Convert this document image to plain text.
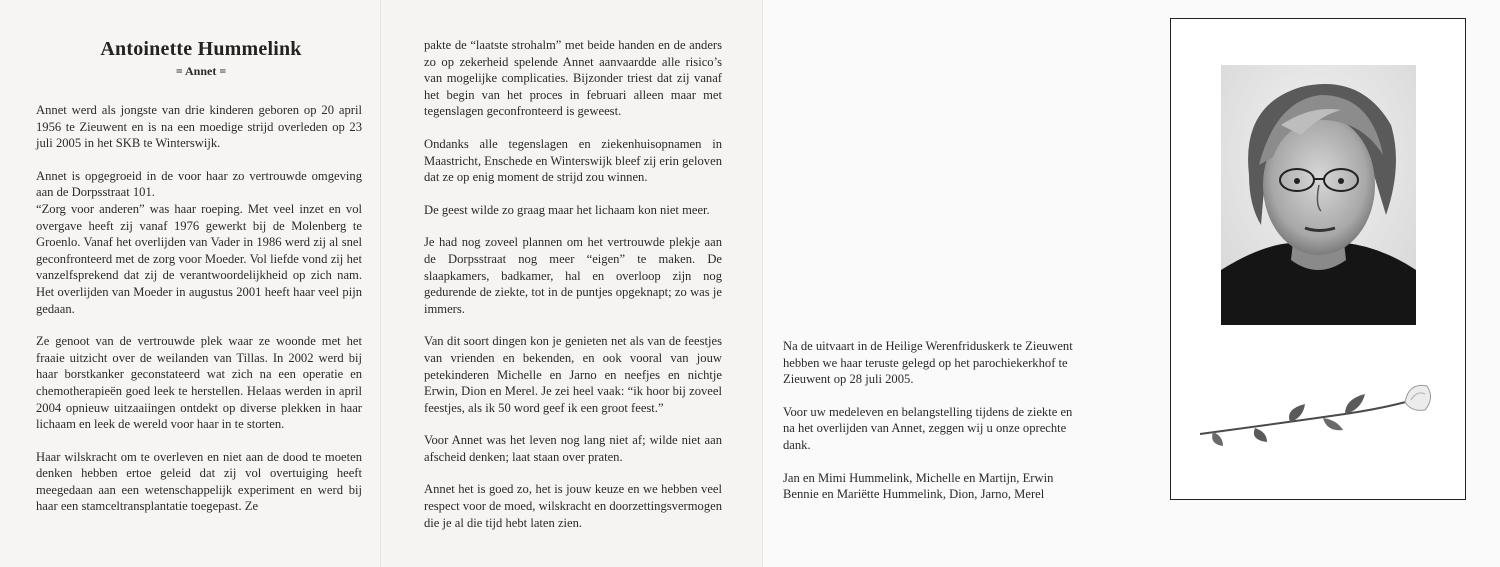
Antoinette Hummelink
= Annet =

Annet werd als jongste van drie kinderen geboren op 20 april 1956 te Zieuwent en is na een moedige strijd overleden op 23 juli 2005 in het SKB te Winterswijk.

Annet is opgegroeid in de voor haar zo vertrouwde omgeving aan de Dorpsstraat 101.

“Zorg voor anderen” was haar roeping. Met veel inzet en vol overgave heeft zij vanaf 1976 gewerkt bij de Molenberg te Groenlo. Vanaf het overlijden van Vader in 1986 werd zij al snel geconfronteerd met de zorg voor Moeder. Vol liefde vond zij het vanzelfsprekend dat zij de verantwoordelijkheid op zich nam. Het overlijden van Moeder in augustus 2001 heeft haar veel pijn gedaan.

Ze genoot van de vertrouwde plek waar ze woonde met het fraaie uitzicht over de weilanden van Tillas. In 2002 werd bij haar borstkanker geconstateerd wat zich na een operatie en chemotherapieën goed leek te herstellen. Helaas werden in april 2004 opnieuw uitzaaiingen ontdekt op diverse plekken in haar lichaam en leek de wereld voor haar in te storten.

Haar wilskracht om te overleven en niet aan de dood te moeten denken hebben ertoe geleid dat zij vol overtuiging heeft meegedaan aan een wetenschappelijk experiment en werd bij haar een stamceltransplantatie toegepast. Ze

pakte de “laatste strohalm” met beide handen en de anders zo op zekerheid spelende Annet aanvaardde alle risico’s van mogelijke complicaties. Bijzonder triest dat zij vanaf het begin van het proces in februari alleen maar met tegenslagen geconfronteerd is geweest.

Ondanks alle tegenslagen en ziekenhuisopnamen in Maastricht, Enschede en Winterswijk bleef zij erin geloven dat ze op enig moment de strijd zou winnen.

De geest wilde zo graag maar het lichaam kon niet meer.

Je had nog zoveel plannen om het vertrouwde plekje aan de Dorpsstraat nog meer “eigen” te maken. De slaapkamers, badkamer, hal en overloop zijn nog gedurende de ziekte, tot in de puntjes opgeknapt; zo was je immers.

Van dit soort dingen kon je genieten net als van de feestjes van vrienden en bekenden, en ook vooral van jouw petekinderen Michelle en Jarno en neefjes en nichtje Erwin, Dion en Merel. Je zei heel vaak: “ik hoor bij zoveel feestjes, als ik 50 word geef ik een groot feest.”

Voor Annet was het leven nog lang niet af; wilde niet aan afscheid denken; laat staan over praten.

Annet het is goed zo, het is jouw keuze en we hebben veel respect voor de moed, wilskracht en doorzettingsvermogen die je al die tijd hebt laten zien.

Na de uitvaart in de Heilige Werenfriduskerk te Zieuwent hebben we haar teruste gelegd op het parochiekerkhof te Zieuwent op 28 juli 2005.

Voor uw medeleven en belangstelling tijdens de ziekte en na het overlijden van Annet, zeggen wij u onze oprechte dank.

Jan en Mimi Hummelink, Michelle en Martijn, Erwin Bennie en Mariëtte Hummelink, Dion, Jarno, Merel
